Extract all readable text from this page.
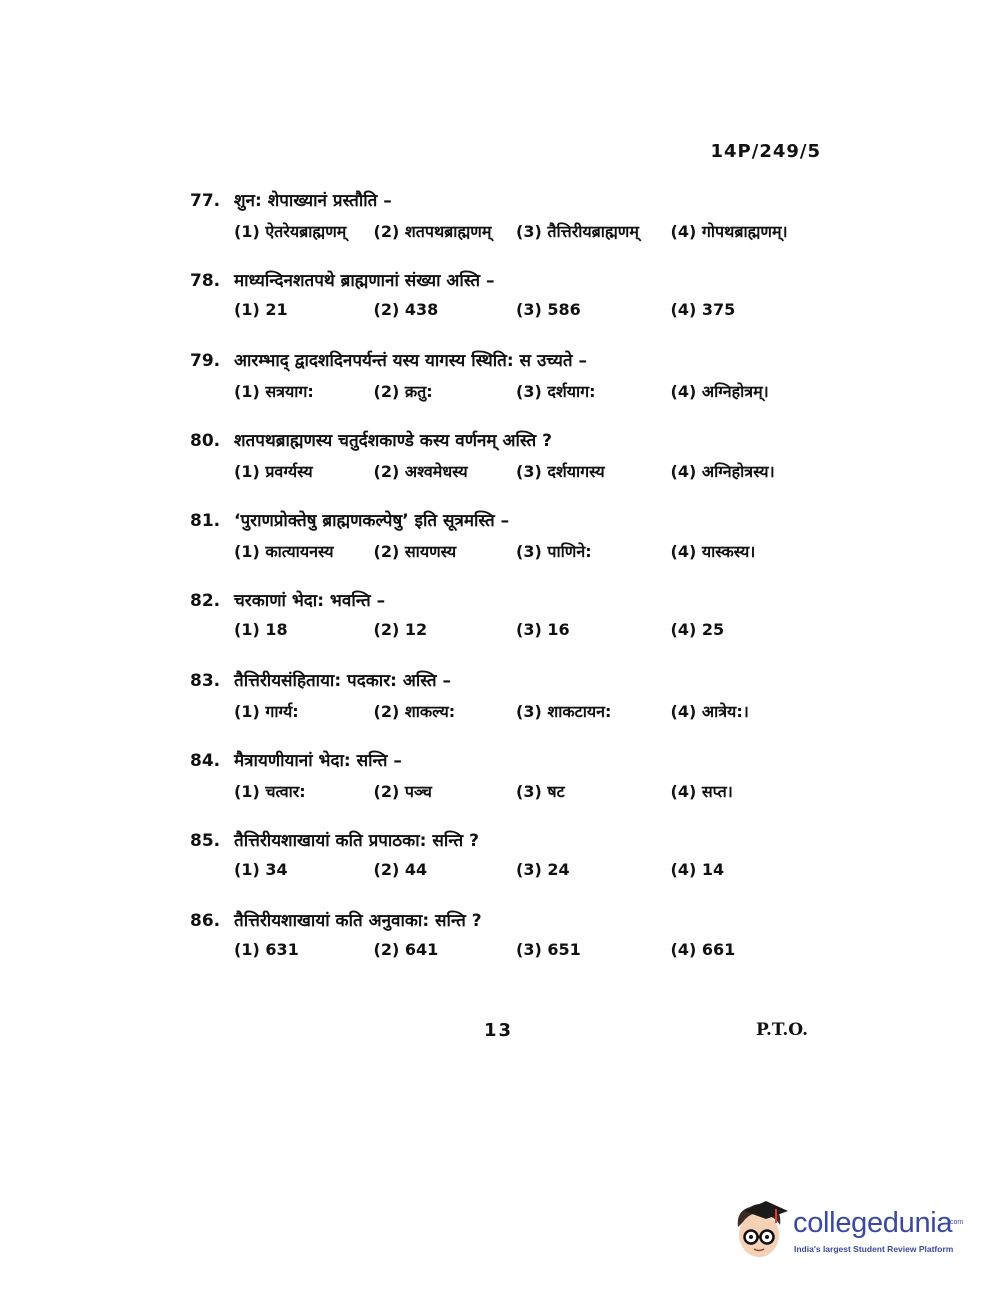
14P/249/5
77. शुन: शेपाख्यानं प्रस्तौति –
(1) ऐतरेयब्राह्मणम्	(2) शतपथब्राह्मणम्	(3) तैत्तिरीयब्राह्मणम्	(4) गोपथब्राह्मणम्।
78. माध्यन्दिनशतपथे ब्राह्मणानां संख्या अस्ति –
(1) 21	(2) 438	(3) 586	(4) 375
79. आरम्भाद् द्वादशदिनपर्यन्तं यस्य यागस्य स्थिति: स उच्यते –
(1) सत्रयाग:	(2) क्रतु:	(3) दर्शयाग:	(4) अग्निहोत्रम्।
80. शतपथब्राह्मणस्य चतुर्दशकाण्डे कस्य वर्णनम् अस्ति ?
(1) प्रवर्ग्यस्य	(2) अश्वमेधस्य	(3) दर्शयागस्य	(4) अग्निहोत्रस्य।
81. ‘पुराणप्रोक्तेषु ब्राह्मणकल्पेषु’ इति सूत्रमस्ति –
(1) कात्यायनस्य	(2) सायणस्य	(3) पाणिने:	(4) यास्कस्य।
82. चरकाणां भेदा: भवन्ति –
(1) 18	(2) 12	(3) 16	(4) 25
83. तैत्तिरीयसंहिताया: पदकार: अस्ति –
(1) गार्ग्य:	(2) शाकल्य:	(3) शाकटायन:	(4) आत्रेय:।
84. मैत्रायणीयानां भेदा: सन्ति –
(1) चत्वार:	(2) पञ्च	(3) षट	(4) सप्त।
85. तैत्तिरीयशाखायां कति प्रपाठका: सन्ति ?
(1) 34	(2) 44	(3) 24	(4) 14
86. तैत्तिरीयशाखायां कति अनुवाका: सन्ति ?
(1) 631	(2) 641	(3) 651	(4) 661
13	P.T.O.
collegedunia
.com
India's largest Student Review Platform
